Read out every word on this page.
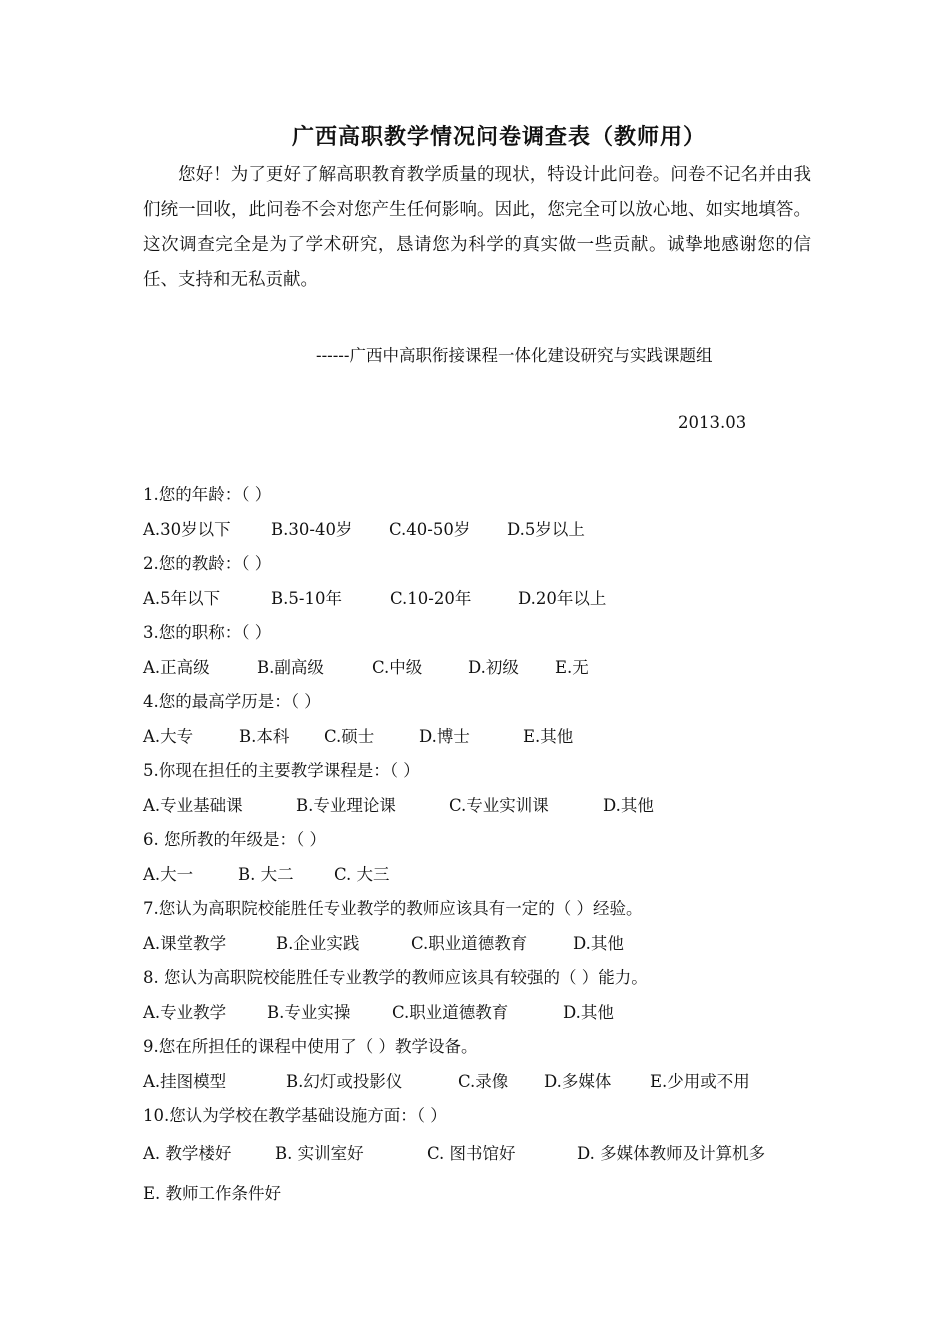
广西高职教学情况问卷调查表（教师用）
您好！为了更好了解高职教育教学质量的现状，特设计此问卷。问卷不记名并由我们统一回收，此问卷不会对您产生任何影响。因此，您完全可以放心地、如实地填答。这次调查完全是为了学术研究，恳请您为科学的真实做一些贡献。诚挚地感谢您的信任、支持和无私贡献。
------广西中高职衔接课程一体化建设研究与实践课题组
2013.03
1.您的年龄：（ ）
A.30岁以下 B.30-40岁 C.40-50岁 D.5岁以上
2.您的教龄：（ ）
A.5年以下	B.5-10年	C.10-20年	D.20年以上
3.您的职称：（ ）
A.正高级	B.副高级	C.中级	D.初级 E.无
4.您的最高学历是：（ ）
A.大专	B.本科 C.硕士	D.博士	E.其他
5.你现在担任的主要教学课程是：（ ）
A.专业基础课	B.专业理论课	C.专业实训课	D.其他
6. 您所教的年级是：（ ）
A.大一	B. 大二 C. 大三
7.您认为高职院校能胜任专业教学的教师应该具有一定的（ ）经验。
A.课堂教学	B.企业实践	C.职业道德教育	D.其他
8. 您认为高职院校能胜任专业教学的教师应该具有较强的（ ）能力。
A.专业教学 B.专业实操	C.职业道德教育	D.其他
9.您在所担任的课程中使用了（ ）教学设备。
A.挂图模型	B.幻灯或投影仪	C.录像 D.多媒体 E.少用或不用
10.您认为学校在教学基础设施方面：（ ）
A. 教学楼好	B. 实训室好	C. 图书馆好	D. 多媒体教师及计算机多
E. 教师工作条件好
